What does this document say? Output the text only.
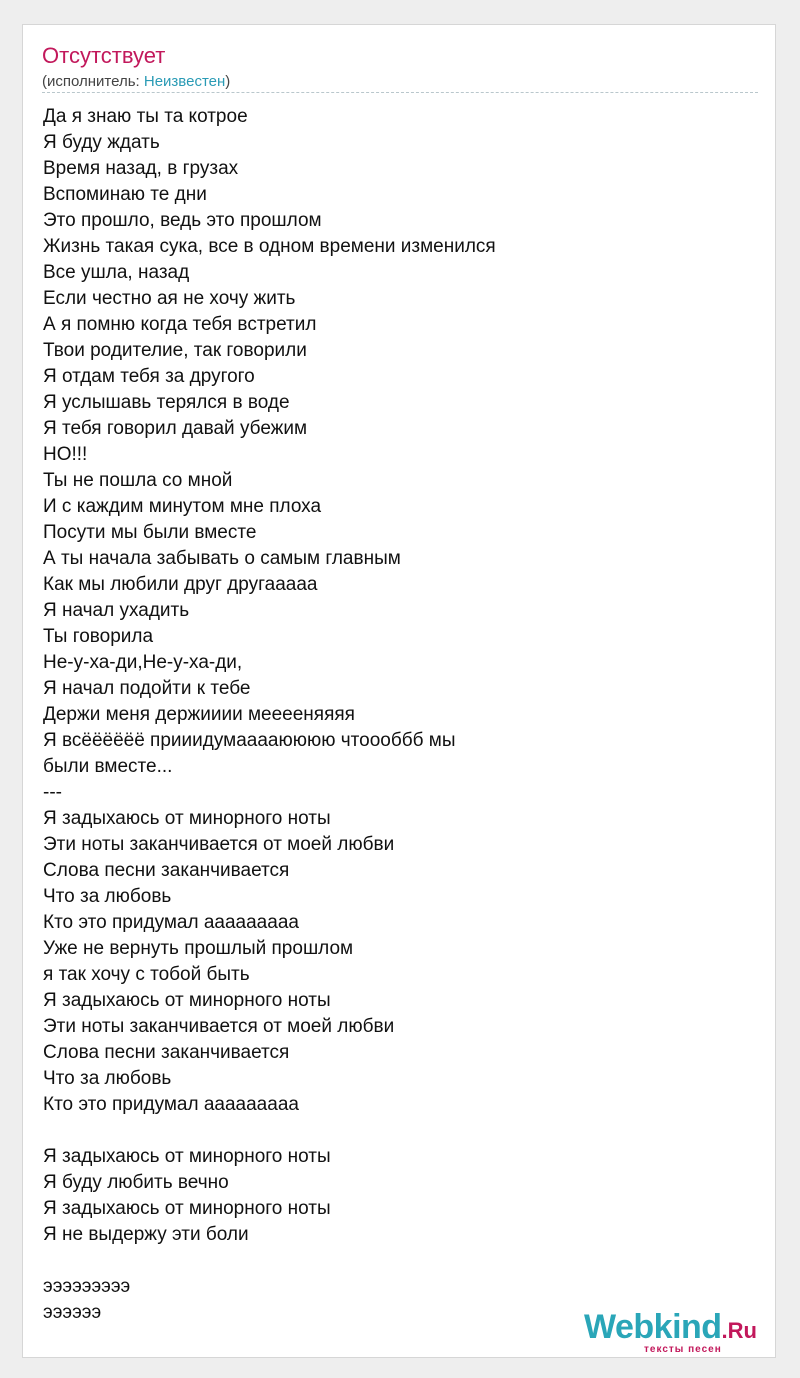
Отсутствует
(исполнитель: Неизвестен)
Да я знаю ты та котрое
Я буду ждать
Время назад, в грузах
Вспоминаю те дни
Это прошло, ведь это прошлом
Жизнь такая сука, все в одном времени изменился
Все ушла, назад
Если честно ая не хочу жить
А я помню когда тебя встретил
Твои родителие, так говорили
Я отдам тебя за другого
Я услышавь терялся в воде
Я тебя говорил давай убежим
НО!!!
Ты не пошла со мной
И с каждим минутом мне плоха
Посути мы были вместе
А ты начала забывать о самым главным
Как мы любили друг другааааа
Я начал ухадить
Ты говорила
Не-у-ха-ди,Не-у-ха-ди,
Я начал подойти к тебе
Держи меня держииии мееееняяяя
Я всёёёёёё прииидумааааюююю чтооοббб мы
были вместе...
---
Я задыхаюсь от минорного ноты
Эти ноты заканчивается от моей любви
Слова песни заканчивается
Что за любовь
Кто это придумал ааааааааа
Уже не вернуть прошлый прошлом
я так хочу с тобой быть
Я задыхаюсь от минорного ноты
Эти ноты заканчивается от моей любви
Слова песни заканчивается
Что за любовь
Кто это придумал ааааааааа
Я задыхаюсь от минорного ноты
Я буду любить вечно
Я задыхаюсь от минорного ноты
Я не выдержу эти боли
эээээээээ
ээээээ	Webkind.Ru
тексты песен
